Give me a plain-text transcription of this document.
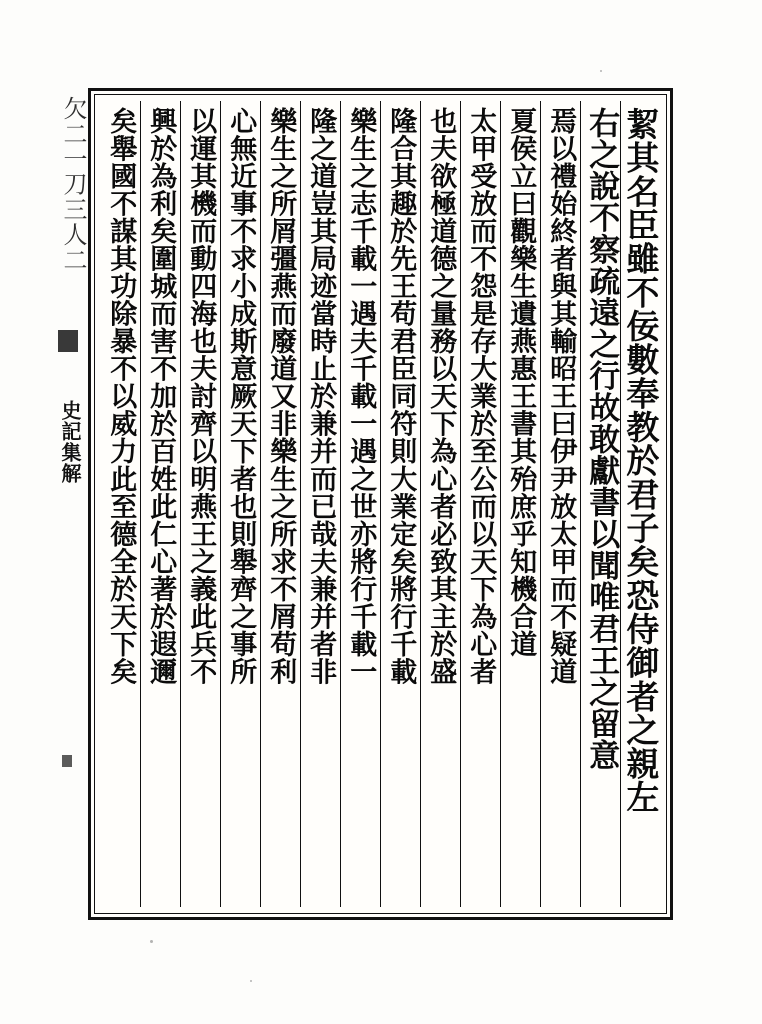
欠二一刀三人二
史記集解	絜其名臣雖不佞數奉教於君子矣恐侍御者之親左
右之說不察疏遠之行故敢獻書以聞唯君王之留意
焉以禮始終者與其輸昭王曰伊尹放太甲而不疑道
夏侯立曰觀樂生遺燕惠王書其殆庶乎知機合道
太甲受放而不怨是存大業於至公而以天下為心者
也夫欲極道德之量務以天下為心者必致其主於盛
隆合其趣於先王苟君臣同符則大業定矣將行千載
樂生之志千載一遇夫千載一遇之世亦將行千載一
隆之道豈其局迹當時止於兼并而已哉夫兼并者非
樂生之所屑彊燕而廢道又非樂生之所求不屑苟利
心無近事不求小成斯意厥天下者也則舉齊之事所
以運其機而動四海也夫討齊以明燕王之義此兵不
興於為利矣圍城而害不加於百姓此仁心著於遐邇
矣舉國不謀其功除暴不以威力此至德全於天下矣
